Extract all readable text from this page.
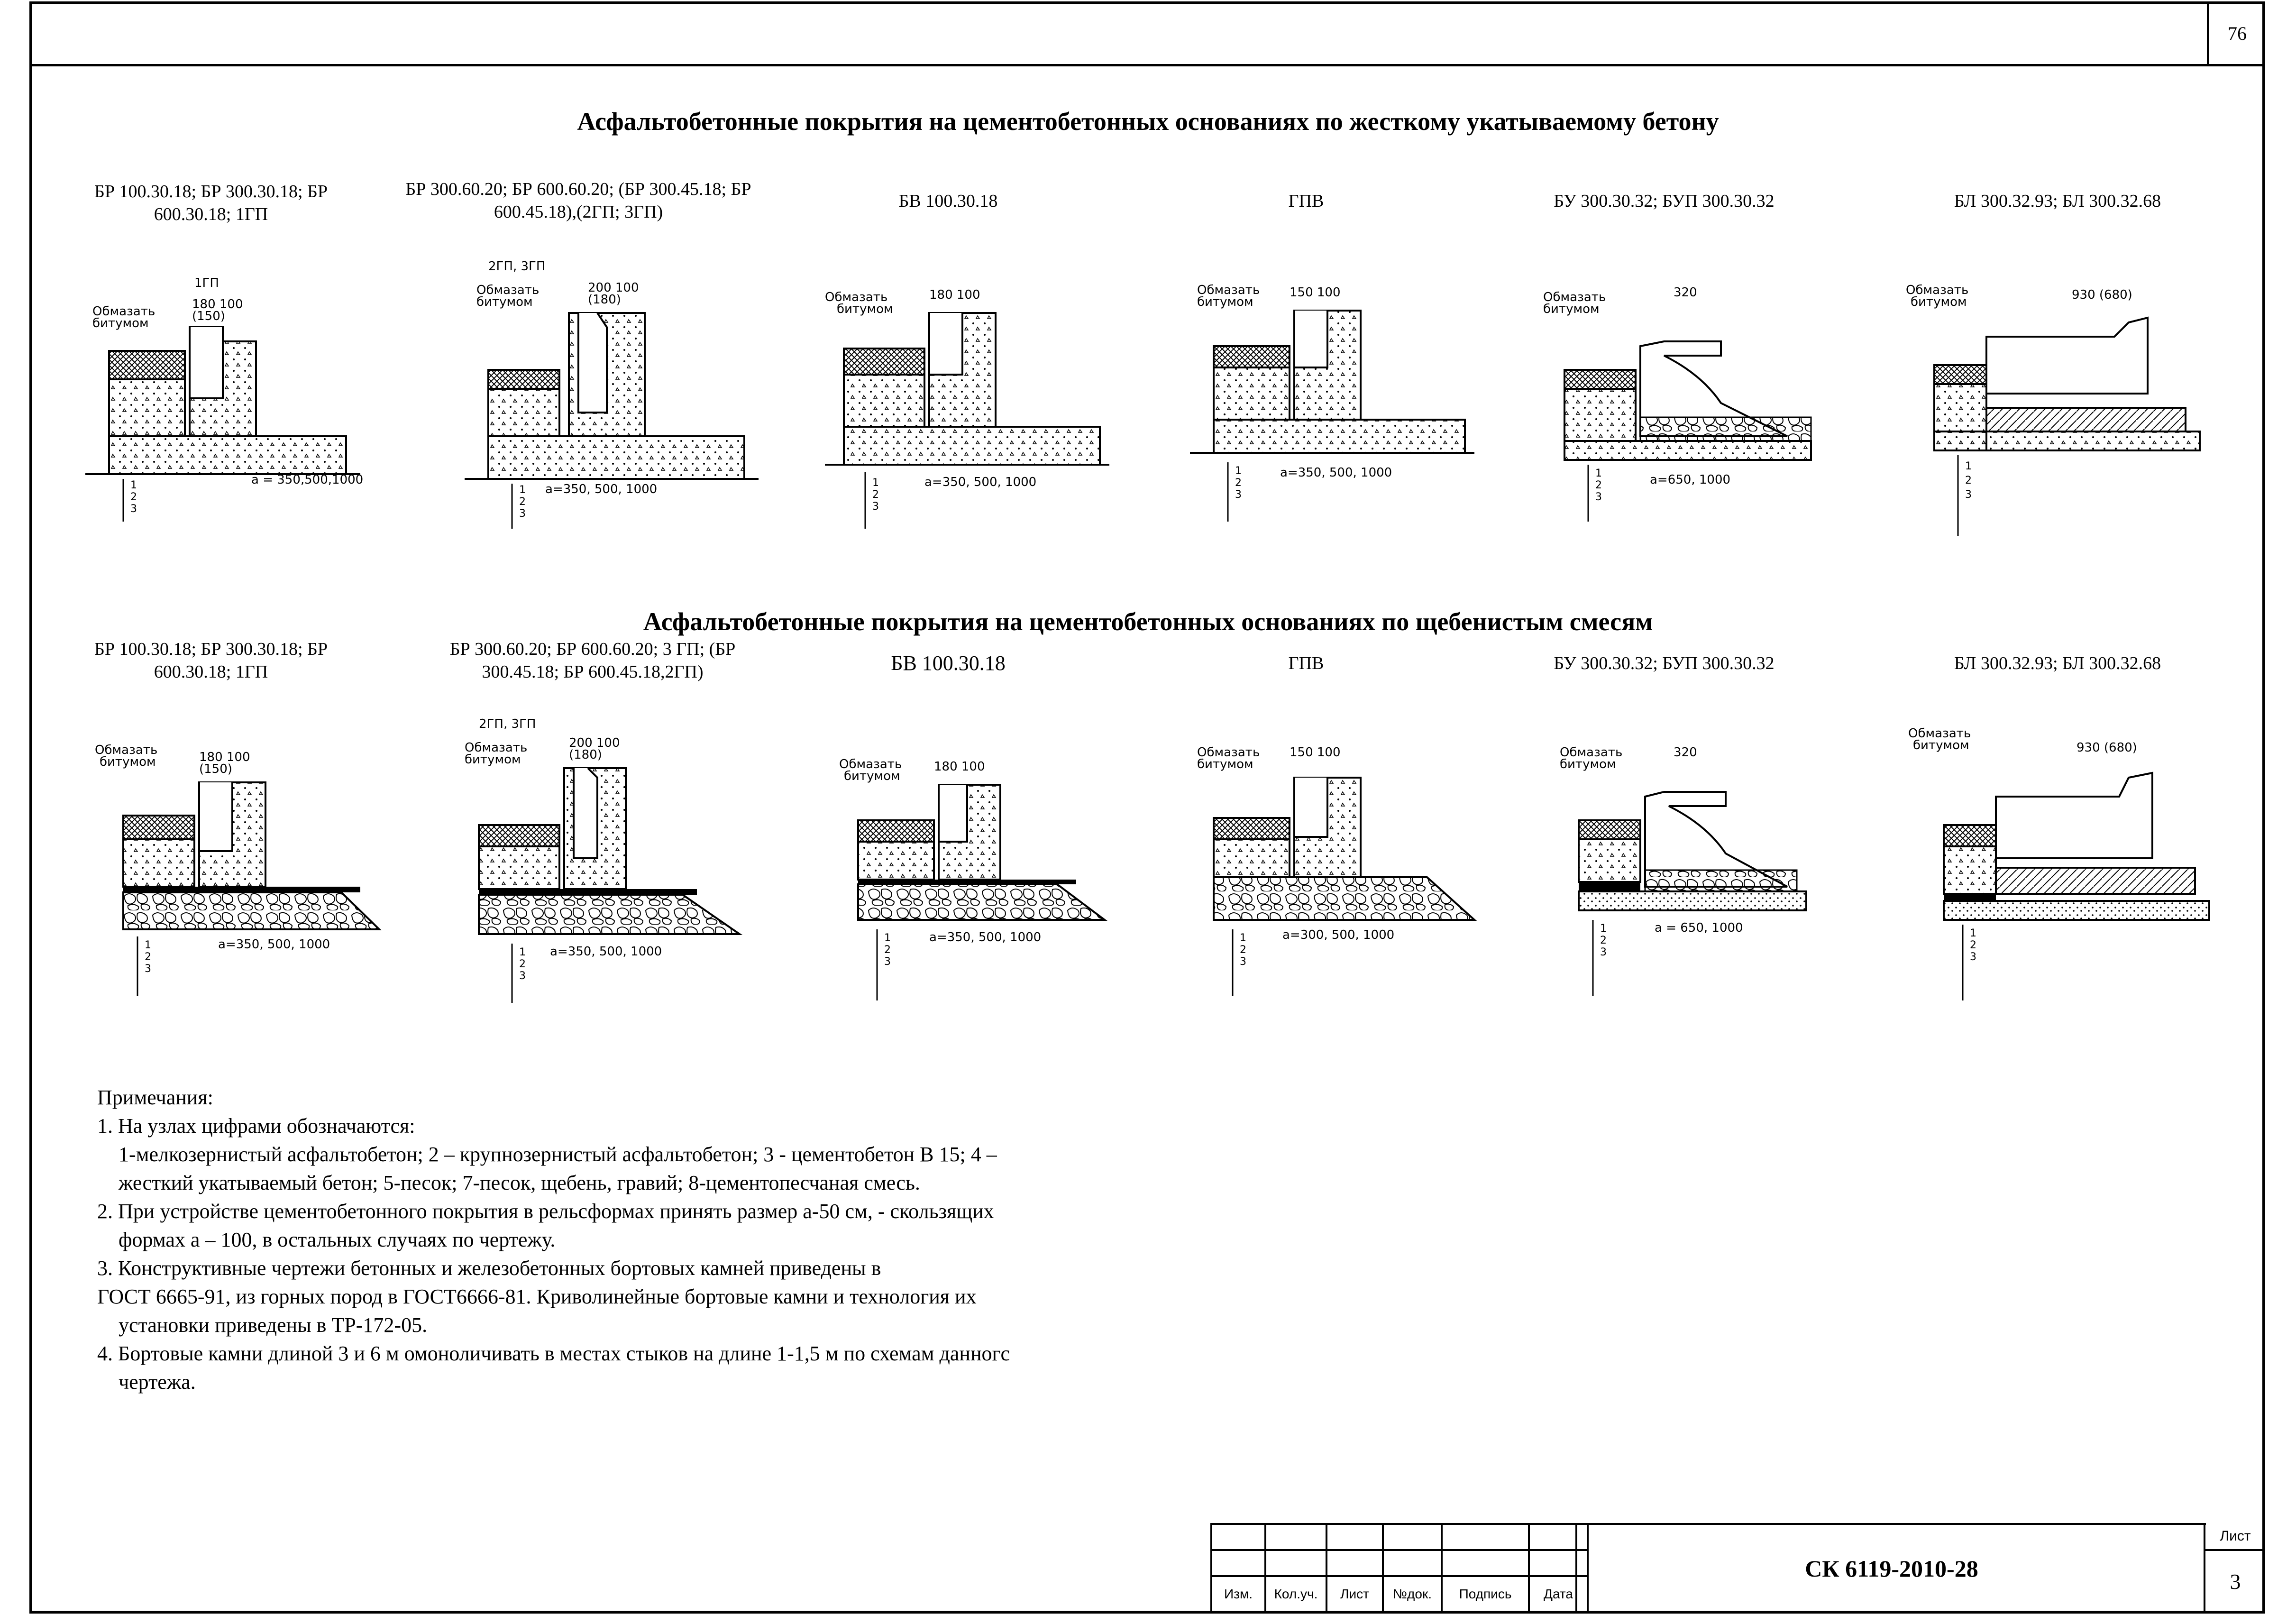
76
Асфальтобетонные покрытия на цементобетонных основаниях по жесткому укатываемому бетону
БР 100.30.18; БР 300.30.18; БР 600.30.18; 1ГП
БР 300.60.20; БР 600.60.20; (БР 300.45.18; БР 600.45.18),(2ГП; 3ГП)
БВ 100.30.18	ГПВ	БУ 300.30.32; БУП 300.30.32	БЛ 300.32.93; БЛ 300.32.68
Обмазать
битумом
1ГП
180 100
(150)
a = 350,500,1000
1
2
3
2ГП, 3ГП
Обмазать
битумом
200 100
(180)
a=350, 500, 1000
1
2
3
Обмазать
битумом
180 100
a=350, 500, 1000
1
2
3
Обмазать
битумом
150 100
a=350, 500, 1000
1
2
3
Обмазать
битумом
320
a=650, 1000
1
2
3
Обмазать
битумом	930 (680)
1
2
3
Асфальтобетонные покрытия на цементобетонных основаниях по щебенистым смесям
БР 100.30.18; БР 300.30.18; БР 600.30.18; 1ГП
БР 300.60.20; БР 600.60.20; 3 ГП; (БР 300.45.18; БР 600.45.18,2ГП)	БВ 100.30.18	ГПВ	БУ 300.30.32; БУП 300.30.32	БЛ 300.32.93; БЛ 300.32.68
Обмазать
битумом	180 100
(150)
a=350, 500, 1000
1
2
3
2ГП, 3ГП
Обмазать
битумом
200 100
(180)
a=350, 500, 1000
1
2
3
Обмазать
битумом
180 100
a=350, 500, 1000
1
2
3
Обмазать
битумом
150 100
a=300, 500, 1000
1
2
3
Обмазать
битумом
320
a = 650, 1000
1
2
3
Обмазать
битумом	930 (680)
1
2
3
Примечания:
1. На узлах цифрами обозначаются:
1-мелкозернистый асфальтобетон; 2 – крупнозернистый асфальтобетон; 3 - цементобетон В 15; 4 –
жесткий укатываемый бетон; 5-песок; 7-песок, щебень, гравий; 8-цементопесчаная смесь.
2. При устройстве цементобетонного покрытия в рельсформах принять размер а-50 см, - скользящих
формах а – 100, в остальных случаях по чертежу.
3. Конструктивные чертежи бетонных и железобетонных бортовых камней приведены в
ГОСТ 6665-91, из горных пород в ГОСТ6666-81. Криволинейные бортовые камни и технология их
установки приведены в ТР-172-05.
4. Бортовые камни длиной 3 и 6 м омоноличивать в местах стыков на длине 1-1,5 м по схемам данногс
чертежа.

Изм.	Кол.уч.	Лист	№док.	Подпись	Дата
СК 6119-2010-28
Лист
3
